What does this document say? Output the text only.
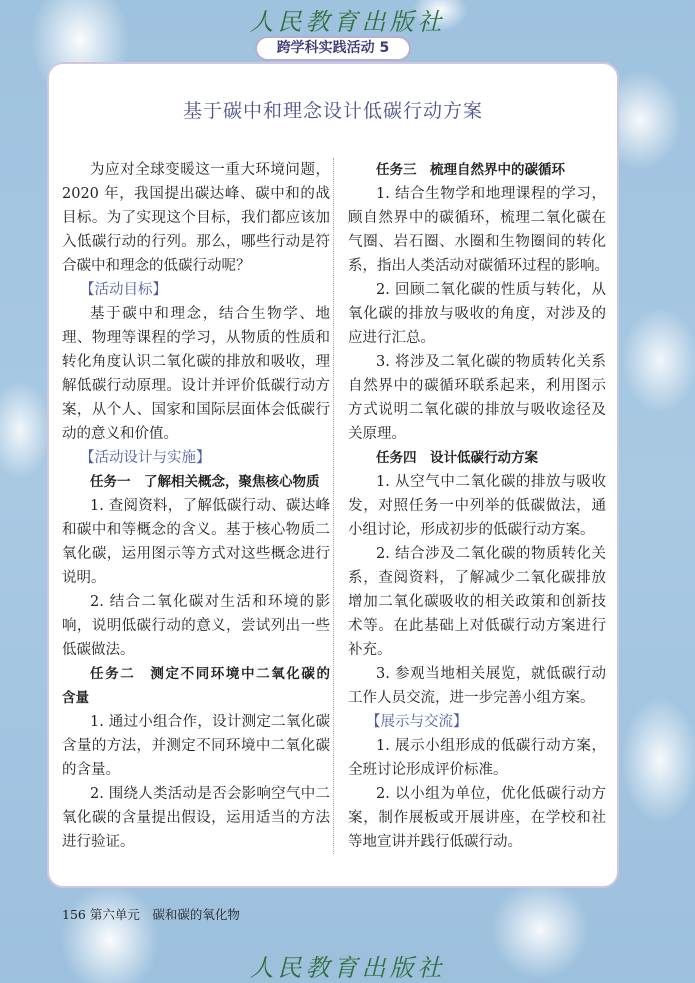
人民教育出版社
跨学科实践活动 5
基于碳中和理念设计低碳行动方案
为应对全球变暖这一重大环境问题，
2020 年，我国提出碳达峰、碳中和的战
目标。为了实现这个目标，我们都应该加
入低碳行动的行列。那么，哪些行动是符
合碳中和理念的低碳行动呢？
【活动目标】
基于碳中和理念，结合生物学、地
理、物理等课程的学习，从物质的性质和
转化角度认识二氧化碳的排放和吸收，理
解低碳行动原理。设计并评价低碳行动方
案，从个人、国家和国际层面体会低碳行
动的意义和价值。
【活动设计与实施】
任务一　了解相关概念，聚焦核心物质
1. 查阅资料，了解低碳行动、碳达峰
和碳中和等概念的含义。基于核心物质二
氧化碳，运用图示等方式对这些概念进行
说明。
2. 结合二氧化碳对生活和环境的影
响，说明低碳行动的意义，尝试列出一些
低碳做法。
任务二　测定不同环境中二氧化碳的
含量
1. 通过小组合作，设计测定二氧化碳
含量的方法，并测定不同环境中二氧化碳
的含量。
2. 围绕人类活动是否会影响空气中二
氧化碳的含量提出假设，运用适当的方法
进行验证。
任务三　梳理自然界中的碳循环
1. 结合生物学和地理课程的学习，
顾自然界中的碳循环，梳理二氧化碳在
气圈、岩石圈、水圈和生物圈间的转化
系，指出人类活动对碳循环过程的影响。
2. 回顾二氧化碳的性质与转化，从
氧化碳的排放与吸收的角度，对涉及的
应进行汇总。
3. 将涉及二氧化碳的物质转化关系
自然界中的碳循环联系起来，利用图示
方式说明二氧化碳的排放与吸收途径及
关原理。
任务四　设计低碳行动方案
1. 从空气中二氧化碳的排放与吸收
发，对照任务一中列举的低碳做法，通
小组讨论，形成初步的低碳行动方案。
2. 结合涉及二氧化碳的物质转化关
系，查阅资料，了解减少二氧化碳排放
增加二氧化碳吸收的相关政策和创新技
术等。在此基础上对低碳行动方案进行
补充。
3. 参观当地相关展览，就低碳行动
工作人员交流，进一步完善小组方案。
【展示与交流】
1. 展示小组形成的低碳行动方案，
全班讨论形成评价标准。
2. 以小组为单位，优化低碳行动方
案，制作展板或开展讲座，在学校和社
等地宣讲并践行低碳行动。
156 第六单元　碳和碳的氧化物
人民教育出版社
